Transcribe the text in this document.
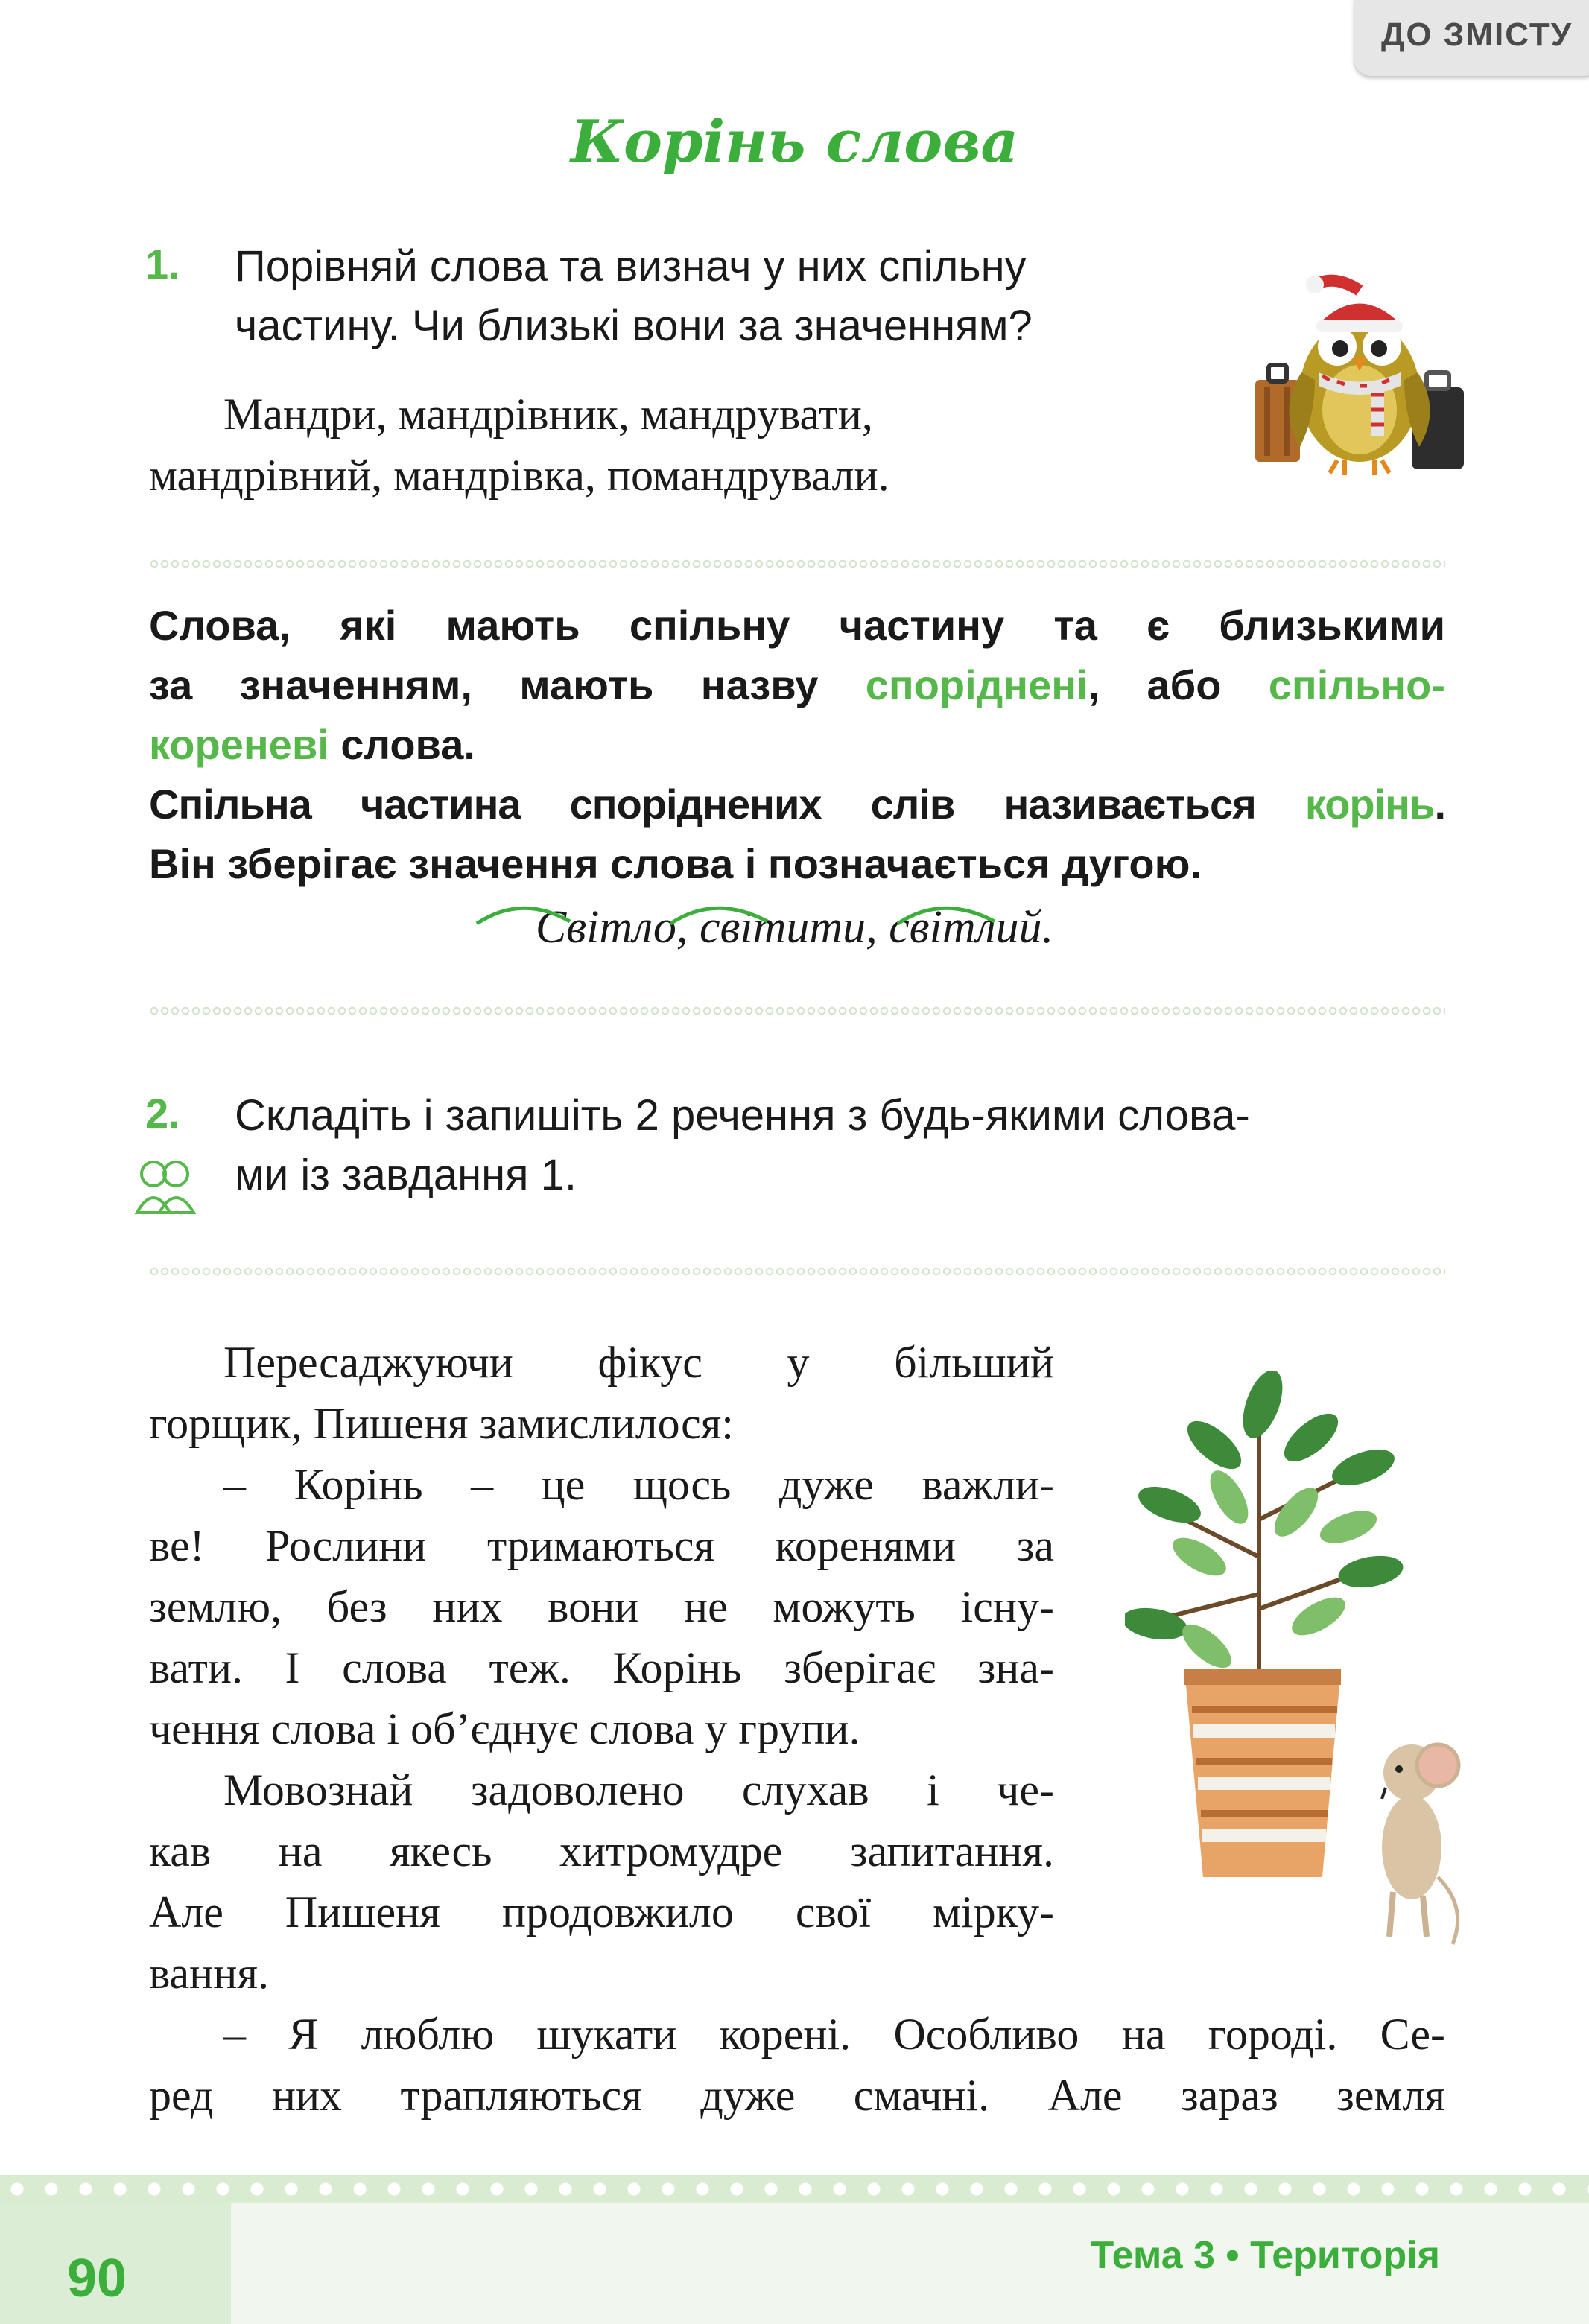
ДО ЗМІСТУ
Корінь слова
1. Порівняй слова та визнач у них спільну
частину. Чи близькі вони за значенням?
Мандри, мандрівник, мандрувати,
мандрівний, мандрівка, помандрували.

Слова, які мають спільну частину та є близькими

за значенням, мають назву споріднені, або спільно-

кореневі слова.

Спільна частина споріднених слів називається корінь.

Він зберігає значення слова і позначається дугою.

Світло, світити, світлий.
2. Складіть і запишіть 2 речення з будь-якими слова-
ми із завдання 1.

Пересаджуючи фікус у більший

горщик, Пишеня замислилося:

– Корінь – це щось дуже важли-

ве! Рослини тримаються коренями за

землю, без них вони не можуть існу-

вати. І слова теж. Корінь зберігає зна-

чення слова і об’єднує слова у групи.

Мовознай задоволено слухав і че-

кав на якесь хитромудре запитання.

Але Пишеня продовжило свої мірку-

вання.

– Я люблю шукати корені. Особливо на городі. Се-

ред них трапляються дуже смачні. Але зараз земля

90	Тема 3 • Територія
